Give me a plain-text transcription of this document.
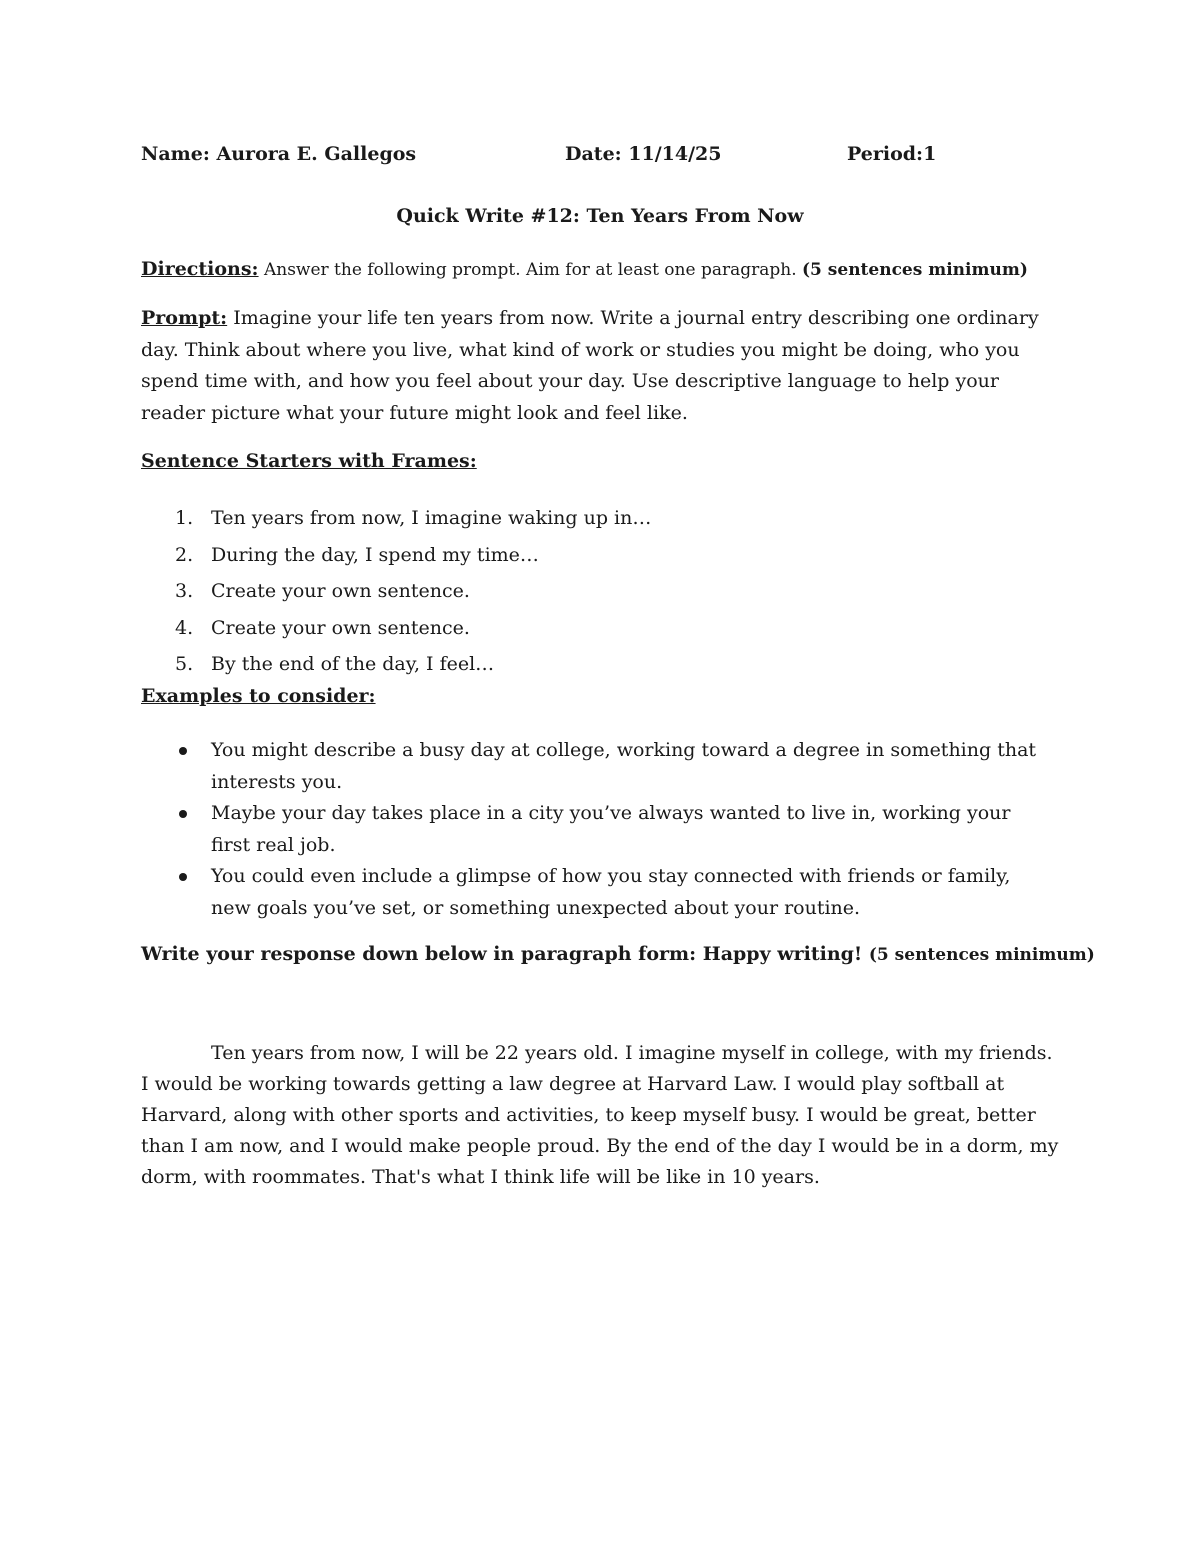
Name: Aurora E. Gallegos	Date: 11/14/25	Period:1
Quick Write #12: Ten Years From Now
Directions: Answer the following prompt. Aim for at least one paragraph. (5 sentences minimum)
Prompt: Imagine your life ten years from now. Write a journal entry describing one ordinary day. Think about where you live, what kind of work or studies you might be doing, who you spend time with, and how you feel about your day. Use descriptive language to help your reader picture what your future might look and feel like.
Sentence Starters with Frames:
1. Ten years from now, I imagine waking up in…
2. During the day, I spend my time…
3. Create your own sentence.
4. Create your own sentence.
5. By the end of the day, I feel…
Examples to consider:
You might describe a busy day at college, working toward a degree in something that interests you.
Maybe your day takes place in a city you’ve always wanted to live in, working your first real job.
You could even include a glimpse of how you stay connected with friends or family, new goals you’ve set, or something unexpected about your routine.
Write your response down below in paragraph form: Happy writing! (5 sentences minimum)
Ten years from now, I will be 22 years old. I imagine myself in college, with my friends. I would be working towards getting a law degree at Harvard Law. I would play softball at Harvard, along with other sports and activities, to keep myself busy. I would be great, better than I am now, and I would make people proud. By the end of the day I would be in a dorm, my dorm, with roommates. That's what I think life will be like in 10 years.
